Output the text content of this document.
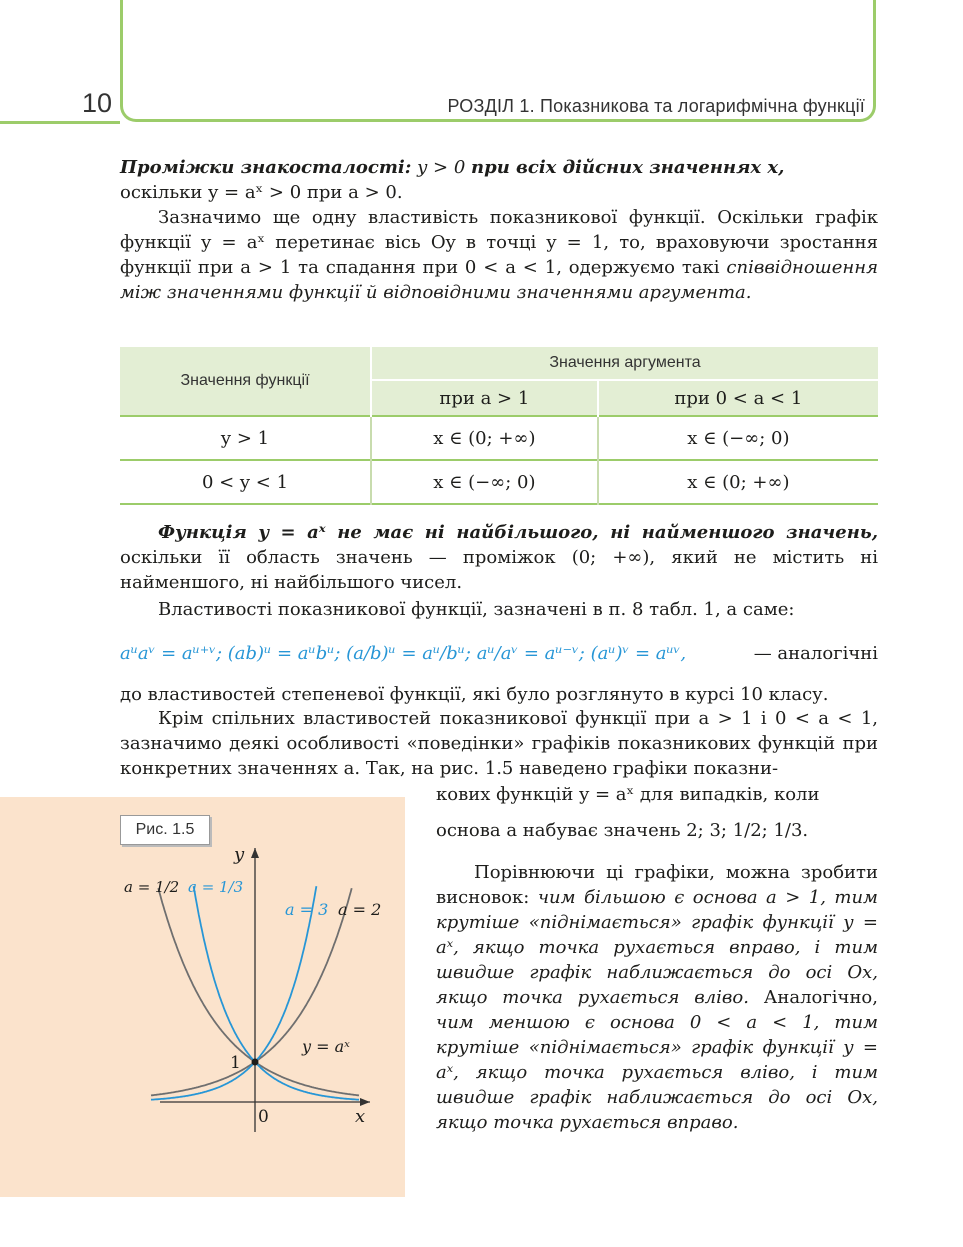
10	РОЗДІЛ 1. Показникова та логарифмічна функції

Проміжки знакосталості: y > 0 при всіх дійсних значеннях x,
оскільки y = aˣ > 0 при a > 0.

Зазначимо ще одну властивість показникової функції. Оскільки графік функції y = aˣ перетинає вісь Oy в точці y = 1, то, враховуючи зростання функції при a > 1 та спадання при 0 < a < 1, одержуємо такі співвідношення між значеннями функції й відповідними значеннями аргумента.

Значення функції	Значення аргумента	
	при a > 1	при 0 < a < 1
y > 1	x ∈ (0; +∞)	x ∈ (−∞; 0)
0 < y < 1	x ∈ (−∞; 0)	x ∈ (0; +∞)

Функція y = aˣ не має ні найбільшого, ні найменшого значень, оскільки її область значень — проміжок (0; +∞), який не містить ні найменшого, ні найбільшого чисел.

Властивості показникової функції, зазначені в п. 8 табл. 1, а саме:

aᵘaᵛ = aᵘ⁺ᵛ; (ab)ᵘ = aᵘbᵘ; (a/b)ᵘ = aᵘ/bᵘ; aᵘ/aᵛ = aᵘ⁻ᵛ; (aᵘ)ᵛ = aᵘᵛ,	— аналогічні

до властивостей степеневої функції, які було розглянуто в курсі 10 класу.

Крім спільних властивостей показникової функції при a > 1 і 0 < a < 1, зазначимо деякі особливості «поведінки» графіків показникових функцій при конкретних значеннях a. Так, на рис. 1.5 наведено графіки показни-

Рис. 1.5
1
0	x
y
y = aˣ
a = 1/2 a = 1/3
a = 3 a = 2

кових функцій y = aˣ для випадків, коли

основа a набуває значень 2; 3; 1/2; 1/3.

Порівнюючи ці графіки, можна зробити висновок: чим більшою є основа a > 1, тим крутіше «піднімається» графік функції y = aˣ, якщо точка рухається вправо, і тим швидше графік наближається до осі Ox, якщо точка рухається вліво. Аналогічно, чим меншою є основа 0 < a < 1, тим крутіше «піднімається» графік функції y = aˣ, якщо точка рухається вліво, і тим швидше графік наближається до осі Ox, якщо точка рухається вправо.
